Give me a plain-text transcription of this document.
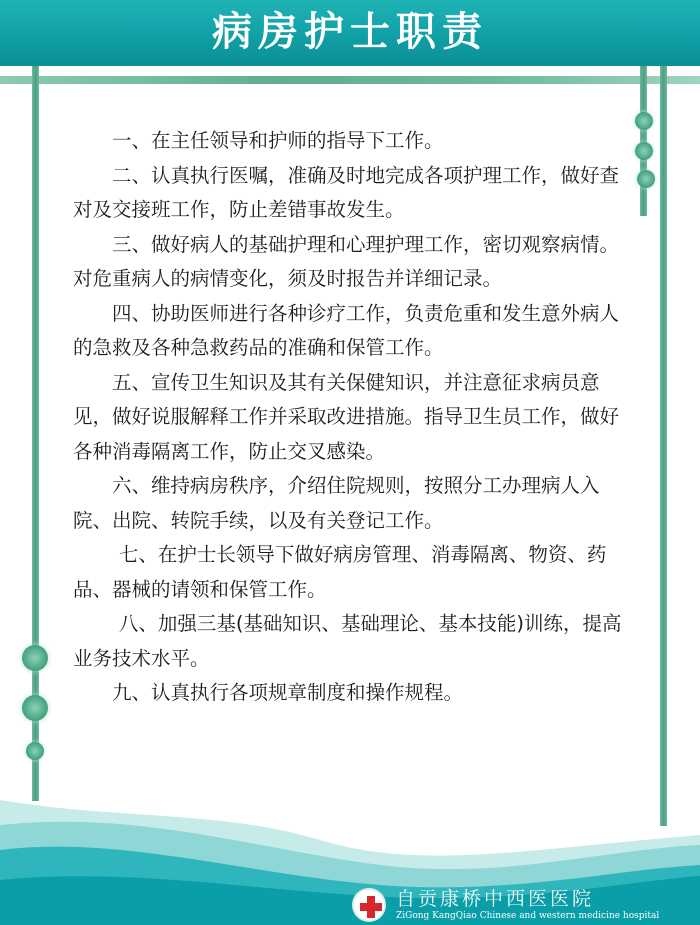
病房护士职责

一、在主任领导和护师的指导下工作。

二、认真执行医嘱，准确及时地完成各项护理工作，做好查对及交接班工作，防止差错事故发生。

三、做好病人的基础护理和心理护理工作，密切观察病情。对危重病人的病情变化，须及时报告并详细记录。

四、协助医师进行各种诊疗工作，负责危重和发生意外病人的急救及各种急救药品的准确和保管工作。

五、宣传卫生知识及其有关保健知识，并注意征求病员意见，做好说服解释工作并采取改进措施。指导卫生员工作，做好各种消毒隔离工作，防止交叉感染。

六、维持病房秩序，介绍住院规则，按照分工办理病人入院、出院、转院手续，以及有关登记工作。

七、在护士长领导下做好病房管理、消毒隔离、物资、药品、器械的请领和保管工作。

八、加强三基(基础知识、基础理论、基本技能)训练，提高业务技术水平。

九、认真执行各项规章制度和操作规程。

自贡康桥中西医医院
ZiGong KangQiao Chinese and western medicine hospital
